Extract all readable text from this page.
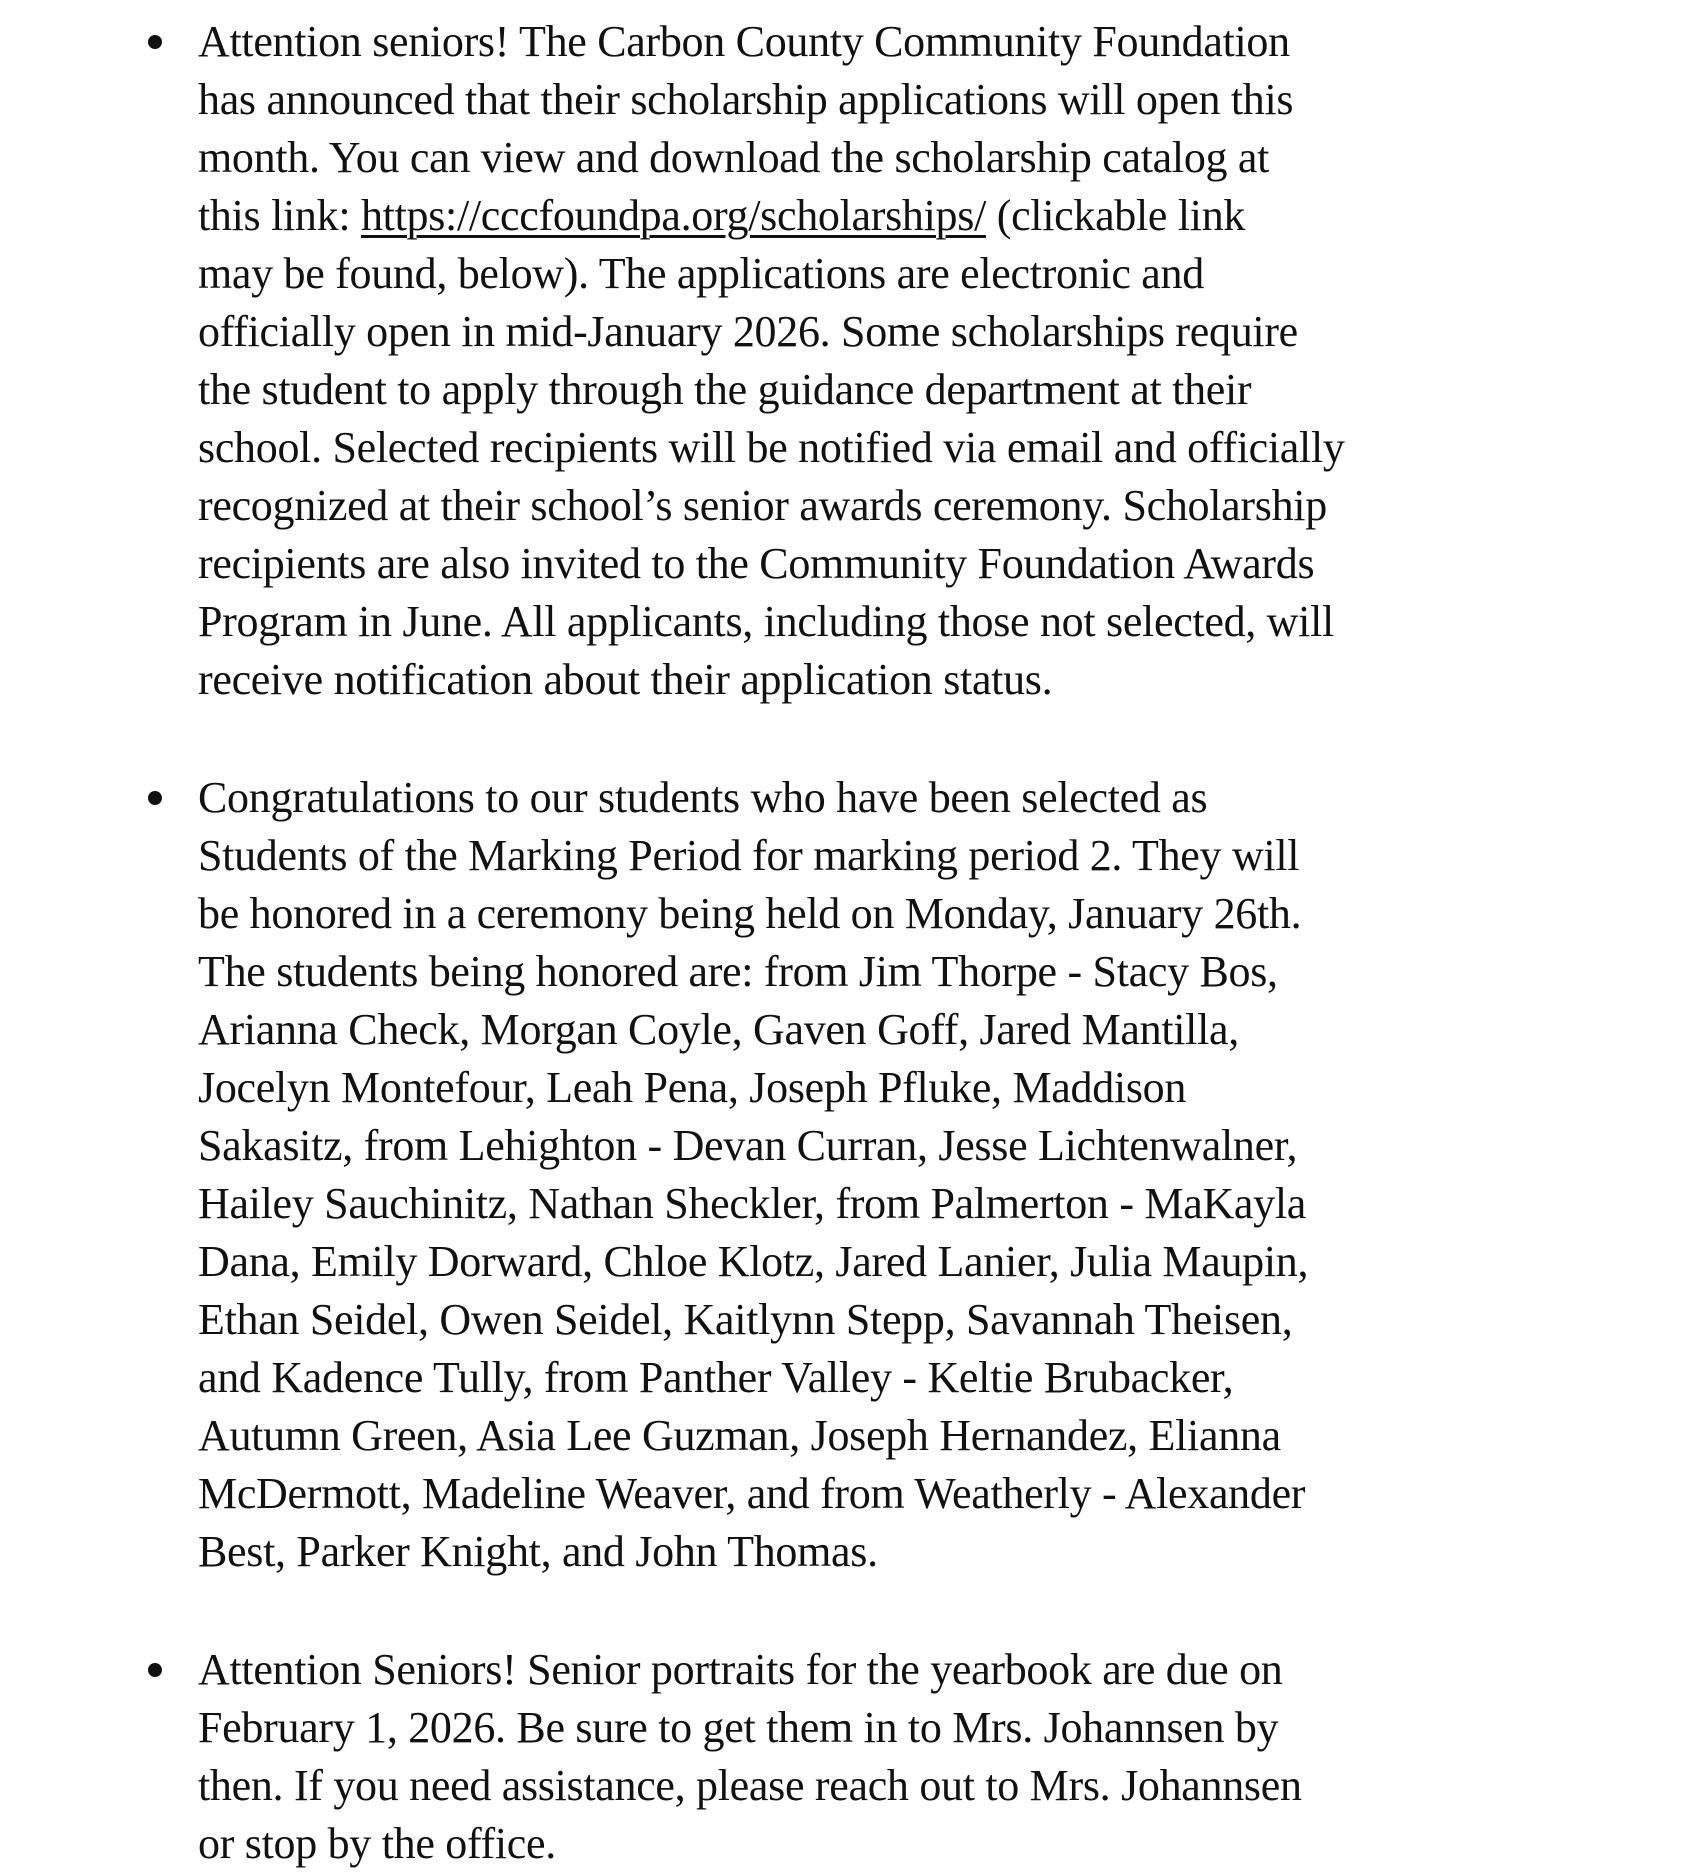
Attention seniors! The Carbon County Community Foundation
has announced that their scholarship applications will open this
month. You can view and download the scholarship catalog at
this link: https://cccfoundpa.org/scholarships/ (clickable link
may be found, below). The applications are electronic and
officially open in mid-January 2026. Some scholarships require
the student to apply through the guidance department at their
school. Selected recipients will be notified via email and officially
recognized at their school’s senior awards ceremony. Scholarship
recipients are also invited to the Community Foundation Awards
Program in June. All applicants, including those not selected, will
receive notification about their application status.
Congratulations to our students who have been selected as
Students of the Marking Period for marking period 2. They will
be honored in a ceremony being held on Monday, January 26th.
The students being honored are: from Jim Thorpe - Stacy Bos,
Arianna Check, Morgan Coyle, Gaven Goff, Jared Mantilla,
Jocelyn Montefour, Leah Pena, Joseph Pfluke, Maddison
Sakasitz, from Lehighton - Devan Curran, Jesse Lichtenwalner,
Hailey Sauchinitz, Nathan Sheckler, from Palmerton - MaKayla
Dana, Emily Dorward, Chloe Klotz, Jared Lanier, Julia Maupin,
Ethan Seidel, Owen Seidel, Kaitlynn Stepp, Savannah Theisen,
and Kadence Tully, from Panther Valley - Keltie Brubacker,
Autumn Green, Asia Lee Guzman, Joseph Hernandez, Elianna
McDermott, Madeline Weaver, and from Weatherly - Alexander
Best, Parker Knight, and John Thomas.
Attention Seniors! Senior portraits for the yearbook are due on
February 1, 2026. Be sure to get them in to Mrs. Johannsen by
then. If you need assistance, please reach out to Mrs. Johannsen
or stop by the office.
